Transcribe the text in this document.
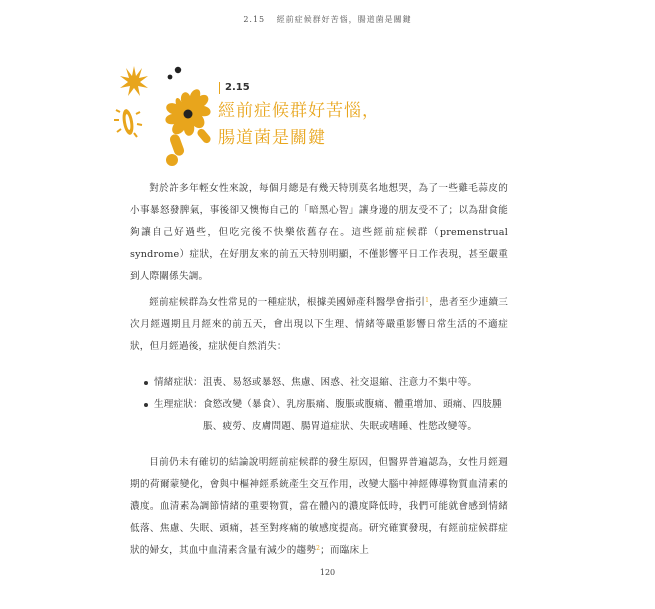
2.15 經前症候群好苦惱，腸道菌是關鍵
2.15
經前症候群好苦惱，
腸道菌是關鍵

對於許多年輕女性來說，每個月總是有幾天特別莫名地想哭，為了一些雞毛蒜皮的小事暴怒發脾氣，事後卻又懊悔自己的「暗黑心智」讓身邊的朋友受不了；以為甜食能夠讓自己好過些，但吃完後不快樂依舊存在。這些經前症候群（premenstrual syndrome）症狀，在好朋友來的前五天特別明顯，不僅影響平日工作表現，甚至嚴重到人際關係失調。

經前症候群為女性常見的一種症狀，根據美國婦產科醫學會指引$^1$，患者至少連續三次月經週期且月經來的前五天，會出現以下生理、情緒等嚴重影響日常生活的不適症狀，但月經過後，症狀便自然消失：

情緒症狀： 沮喪、易怒或暴怒、焦慮、困惑、社交退縮、注意力不集中等。
生理症狀： 食慾改變（暴食）、乳房脹痛、腹脹或腹痛、體重增加、頭痛、四肢腫脹、疲勞、皮膚問題、腸胃道症狀、失眠或嗜睡、性慾改變等。

目前仍未有確切的結論說明經前症候群的發生原因，但醫界普遍認為，女性月經週期的荷爾蒙變化，會與中樞神經系統產生交互作用，改變大腦中神經傳導物質血清素的濃度。血清素為調節情緒的重要物質，當在體內的濃度降低時，我們可能就會感到情緒低落、焦慮、失眠、頭痛，甚至對疼痛的敏感度提高。研究確實發現，有經前症候群症狀的婦女，其血中血清素含量有減少的趨勢$^2$；而臨床上

120
